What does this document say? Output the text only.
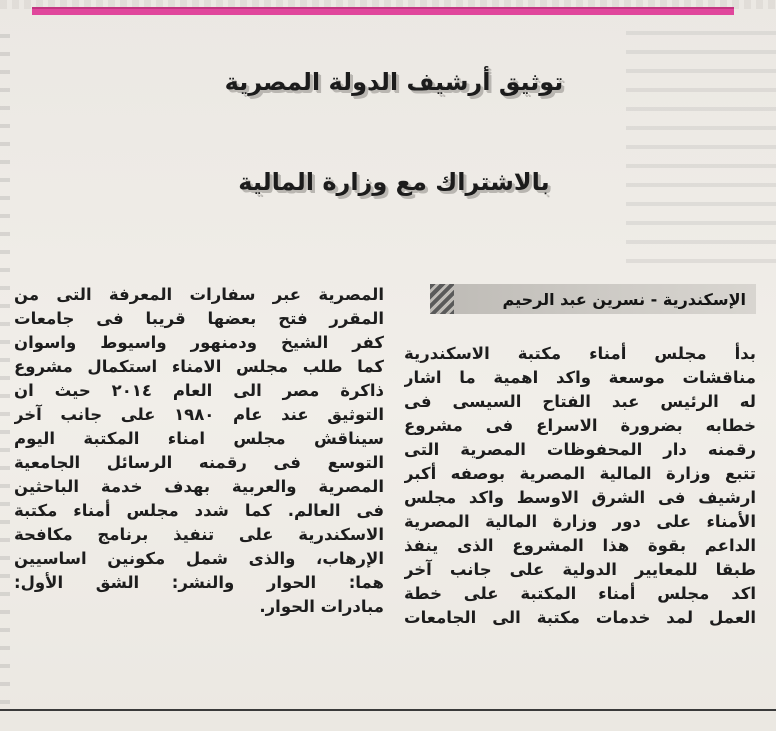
توثيق أرشيف الدولة المصرية
بالاشتراك مع وزارة المالية
الإسكندرية - نسرين عبد الرحيم
بدأ مجلس أمناء مكتبة الاسكندرية
مناقشات موسعة واكد اهمية ما اشار
له الرئيس عبد الفتاح السيسى فى
خطابه بضرورة الاسراع فى مشروع
رقمنه دار المحفوظات المصرية التى
تتبع وزارة المالية المصرية بوصفه أكبر
ارشيف فى الشرق الاوسط واكد مجلس
الأمناء على دور وزارة المالية المصرية
الداعم بقوة هذا المشروع الذى ينفذ
طبقا للمعايير الدولية على جانب آخر
اكد مجلس أمناء المكتبة على خطة
العمل لمد خدمات مكتبة الى الجامعات
المصرية عبر سفارات المعرفة التى من
المقرر فتح بعضها قريبا فى جامعات
كفر الشيخ ودمنهور واسيوط واسوان
كما طلب مجلس الامناء استكمال مشروع
ذاكرة مصر الى العام ٢٠١٤ حيث ان
التوثيق عند عام ١٩٨٠ على جانب آخر
سيناقش مجلس امناء المكتبة اليوم
التوسع فى رقمنه الرسائل الجامعية
المصرية والعربية بهدف خدمة الباحثين
فى العالم. كما شدد مجلس أمناء مكتبة
الاسكندرية على تنفيذ برنامج مكافحة
الإرهاب، والذى شمل مكونين اساسيين
هما: الحوار والنشر: الشق الأول:
مبادرات الحوار.
